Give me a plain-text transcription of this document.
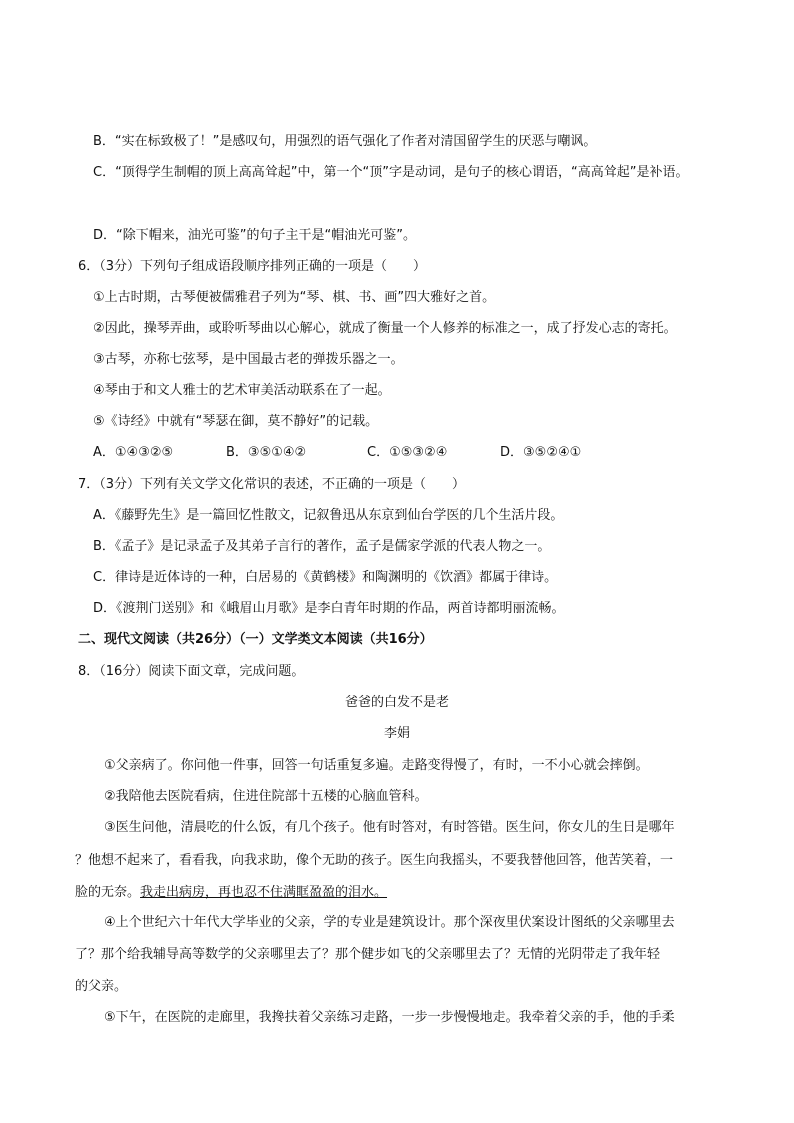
B．“实在标致极了！”是感叹句，用强烈的语气强化了作者对清国留学生的厌恶与嘲讽。
C．“顶得学生制帽的顶上高高耸起”中，第一个“顶”字是动词，是句子的核心谓语，“高高耸起”是补语。
D．“除下帽来，油光可鉴”的句子主干是“帽油光可鉴”。
6．（3分）下列句子组成语段顺序排列正确的一项是（　　）
①上古时期，古琴便被儒雅君子列为“琴、棋、书、画”四大雅好之首。
②因此，操琴弄曲，或聆听琴曲以心解心，就成了衡量一个人修养的标准之一，成了抒发心志的寄托。
③古琴，亦称七弦琴，是中国最古老的弹拨乐器之一。
④琴由于和文人雅士的艺术审美活动联系在了一起。
⑤《诗经》中就有“琴瑟在御，莫不静好”的记载。
A．①④③②⑤	B．③⑤①④②	C．①⑤③②④	D．③⑤②④①
7．（3分）下列有关文学文化常识的表述，不正确的一项是（　　）
A．《藤野先生》是一篇回忆性散文，记叙鲁迅从东京到仙台学医的几个生活片段。
B．《孟子》是记录孟子及其弟子言行的著作，孟子是儒家学派的代表人物之一。
C．律诗是近体诗的一种，白居易的《黄鹤楼》和陶渊明的《饮酒》都属于律诗。
D．《渡荆门送别》和《峨眉山月歌》是李白青年时期的作品，两首诗都明丽流畅。
二、现代文阅读（共26分）（一）文学类文本阅读（共16分）
8．（16分）阅读下面文章，完成问题。
爸爸的白发不是老
李娟
①父亲病了。你问他一件事，回答一句话重复多遍。走路变得慢了，有时，一不小心就会摔倒。
②我陪他去医院看病，住进住院部十五楼的心脑血管科。
③医生问他，清晨吃的什么饭，有几个孩子。他有时答对，有时答错。医生问，你女儿的生日是哪年
？他想不起来了，看看我，向我求助，像个无助的孩子。医生向我摇头，不要我替他回答，他苦笑着，一
脸的无奈。我走出病房，再也忍不住满眶盈盈的泪水。
④上个世纪六十年代大学毕业的父亲，学的专业是建筑设计。那个深夜里伏案设计图纸的父亲哪里去
了？那个给我辅导高等数学的父亲哪里去了？那个健步如飞的父亲哪里去了？无情的光阴带走了我年轻
的父亲。
⑤下午，在医院的走廊里，我搀扶着父亲练习走路，一步一步慢慢地走。我牵着父亲的手，他的手柔
